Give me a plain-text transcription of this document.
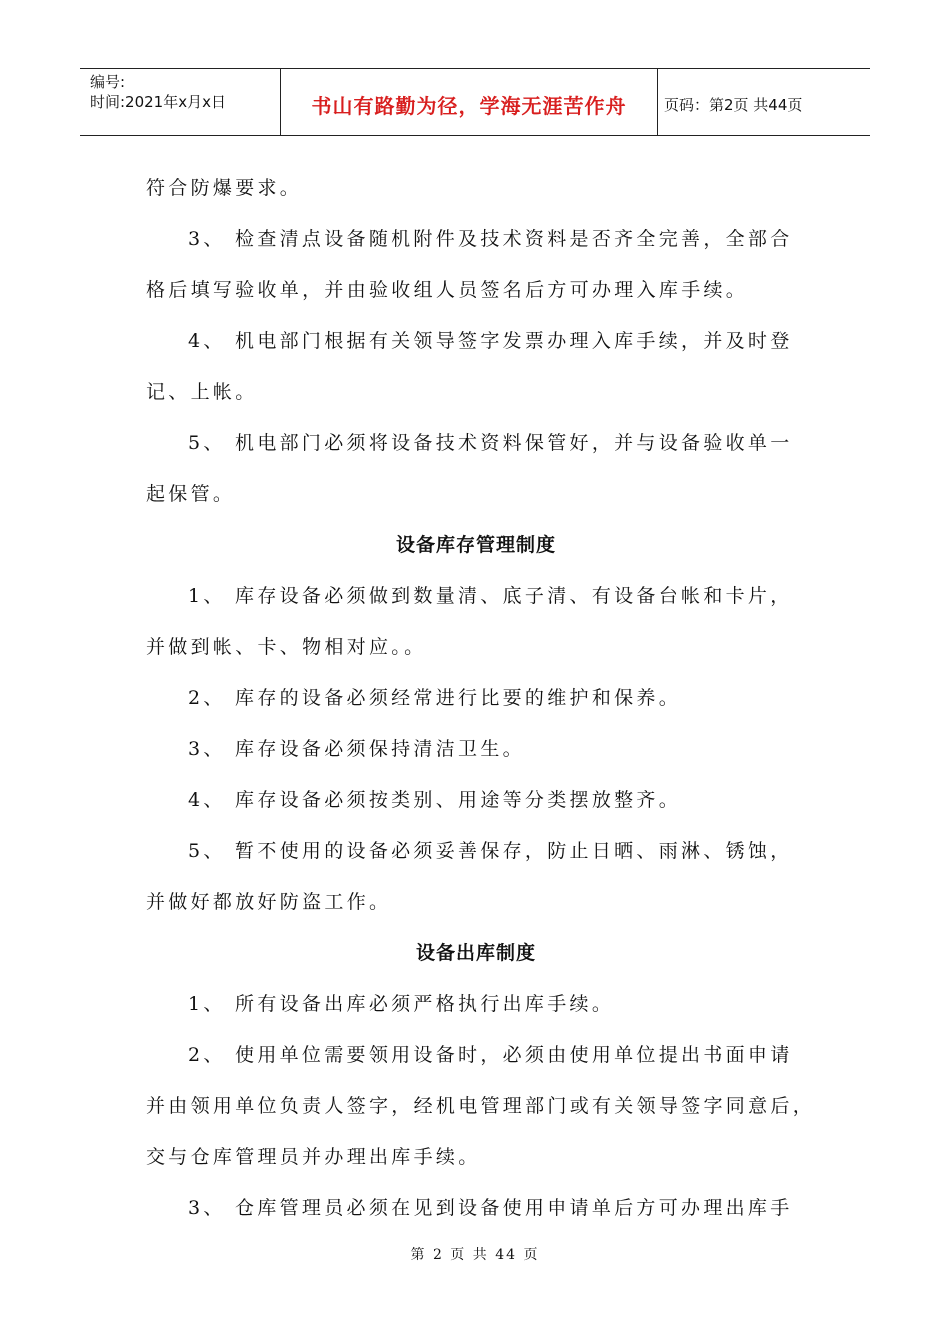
编号:
时间:2021年x月x日	书山有路勤为径，学海无涯苦作舟	页码：第2页 共44页
符合防爆要求。
3、 检查清点设备随机附件及技术资料是否齐全完善，全部合
格后填写验收单，并由验收组人员签名后方可办理入库手续。
4、 机电部门根据有关领导签字发票办理入库手续，并及时登
记、上帐。
5、 机电部门必须将设备技术资料保管好，并与设备验收单一
起保管。
设备库存管理制度
1、 库存设备必须做到数量清、底子清、有设备台帐和卡片，
并做到帐、卡、物相对应。。
2、 库存的设备必须经常进行比要的维护和保养。
3、 库存设备必须保持清洁卫生。
4、 库存设备必须按类别、用途等分类摆放整齐。
5、 暂不使用的设备必须妥善保存，防止日晒、雨淋、锈蚀，
并做好都放好防盗工作。
设备出库制度
1、 所有设备出库必须严格执行出库手续。
2、 使用单位需要领用设备时，必须由使用单位提出书面申请
并由领用单位负责人签字，经机电管理部门或有关领导签字同意后，
交与仓库管理员并办理出库手续。
3、 仓库管理员必须在见到设备使用申请单后方可办理出库手
第 2 页 共 44 页
